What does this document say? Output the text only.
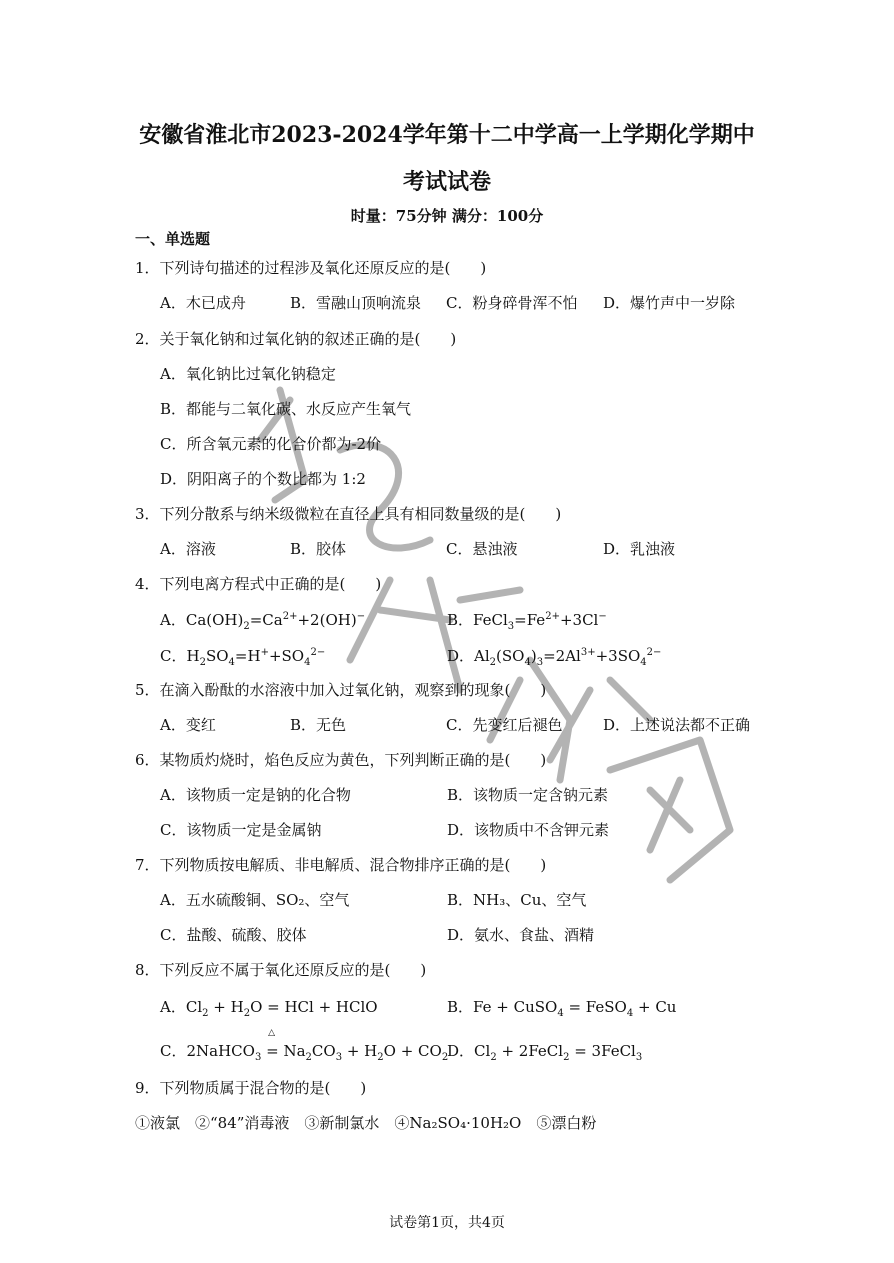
安徽省淮北市2023-2024学年第十二中学高一上学期化学期中
考试试卷
时量：75分钟 满分：100分
一、单选题
1．下列诗句描述的过程涉及氧化还原反应的是(　　)
A．木已成舟	B．雪融山顶响流泉 C．粉身碎骨浑不怕 D．爆竹声中一岁除
2．关于氧化钠和过氧化钠的叙述正确的是(　　)
A．氧化钠比过氧化钠稳定
B．都能与二氧化碳、水反应产生氧气
C．所含氧元素的化合价都为-2价
D．阴阳离子的个数比都为 1:2
3．下列分散系与纳米级微粒在直径上具有相同数量级的是(　　)
A．溶液	B．胶体	C．悬浊液	D．乳浊液
4．下列电离方程式中正确的是(　　)
A．$Ca(OH)_2=Ca^{2+}+2(OH)^-$	B．$FeCl_3=Fe^{2+}+3Cl^-$
C．$H_2SO_4=H^++SO_4^{2-}$	D．$Al_2(SO_4)_3=2Al^{3+}+3SO_4^{2-}$
5．在滴入酚酞的水溶液中加入过氧化钠，观察到的现象(　　)
A．变红	B．无色	C．先变红后褪色	D．上述说法都不正确
6．某物质灼烧时，焰色反应为黄色，下列判断正确的是(　　)
A．该物质一定是钠的化合物	B．该物质一定含钠元素
C．该物质一定是金属钠	D．该物质中不含钾元素
7．下列物质按电解质、非电解质、混合物排序正确的是(　　)
A．五水硫酸铜、SO₂、空气	B．NH₃、Cu、空气
C．盐酸、硫酸、胶体	D．氨水、食盐、酒精
8．下列反应不属于氧化还原反应的是(　　)
A．$Cl_2 + H_2O$ = HCl + HClO	B．Fe + CuSO$_4$ = FeSO$_4$ + Cu
C．2NaHCO$_3$
△
= $Na_2CO_3 + H_2O + CO_2$
D．$Cl_2$ + 2FeCl$_2$ = 3FeCl$_3$
9．下列物质属于混合物的是(　　)
①液氯　②“84”消毒液　③新制氯水　④Na₂SO₄·10H₂O　⑤漂白粉
试卷第1页，共4页
